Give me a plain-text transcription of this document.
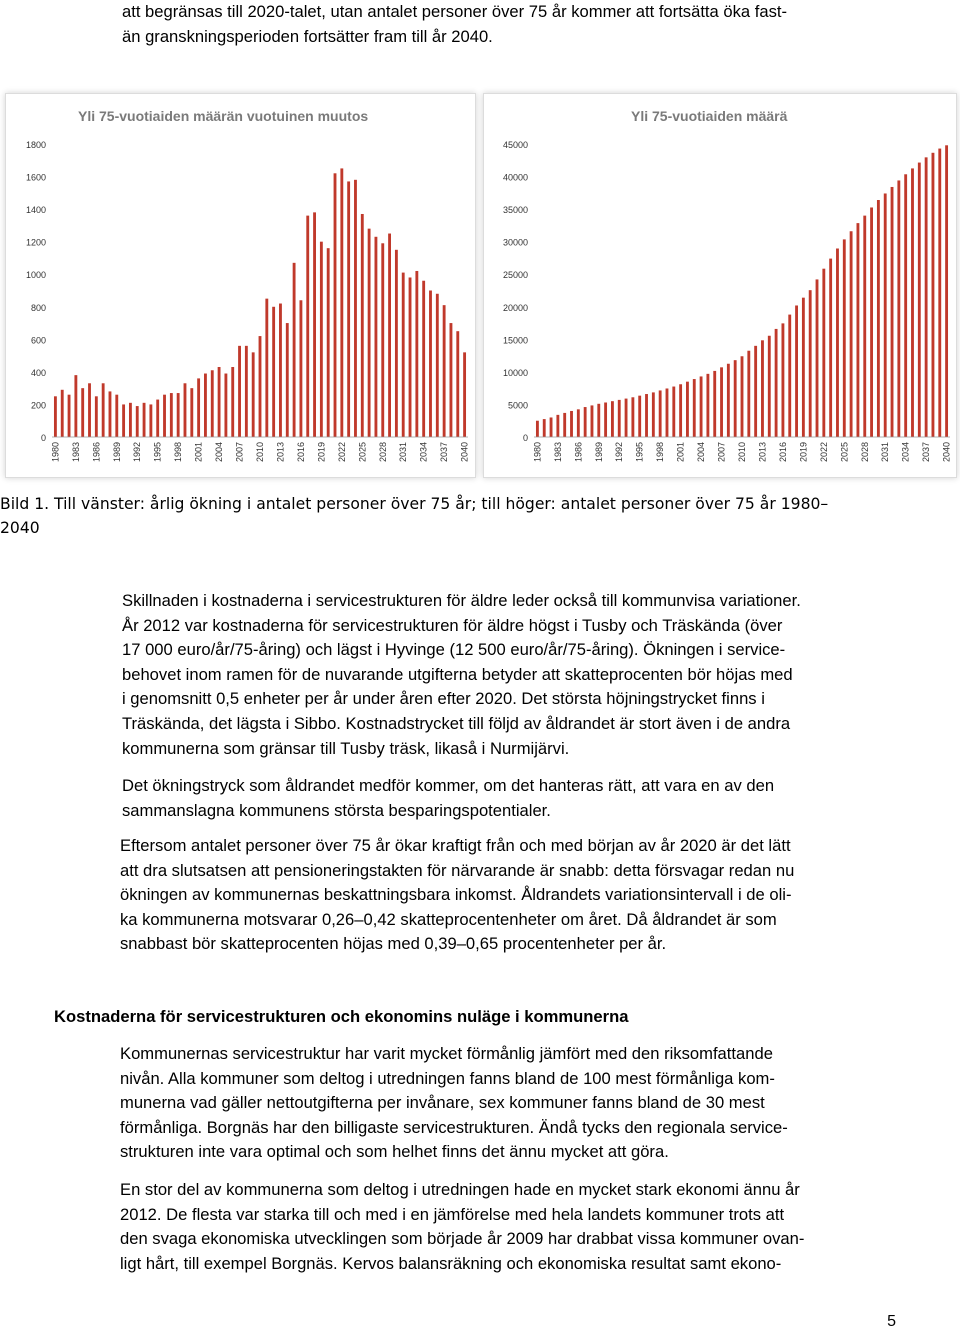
att begränsas till 2020-talet, utan antalet personer över 75 år kommer att fortsätta öka fast-

än granskningsperioden fortsätter fram till år 2040.

Yli 75-vuotiaiden määrän vuotuinen muutos
0
200
400
600
800
1000
1200
1400
1600
1800
1980 1983 1986 1989 1992 1995 1998 2001 2004 2007 2010 2013 2016 2019 2022 2025 2028 2031 2034 2037 2040
Yli 75-vuotiaiden määrä
0
5000
10000
15000
20000
25000
30000
35000
40000
45000
1980 1983 1986 1989 1992 1995 1998 2001 2004 2007 2010 2013 2016 2019 2022 2025 2028 2031 2034 2037 2040

Bild 1. Till vänster: årlig ökning i antalet personer över 75 år; till höger: antalet personer över 75 år 1980–

2040

Skillnaden i kostnaderna i servicestrukturen för äldre leder också till kommunvisa variationer.

År 2012 var kostnaderna för servicestrukturen för äldre högst i Tusby och Träskända (över

17 000 euro/år/75-åring) och lägst i Hyvinge (12 500 euro/år/75-åring). Ökningen i service-

behovet inom ramen för de nuvarande utgifterna betyder att skatteprocenten bör höjas med

i genomsnitt 0,5 enheter per år under åren efter 2020. Det största höjningstrycket finns i

Träskända, det lägsta i Sibbo. Kostnadstrycket till följd av åldrandet är stort även i de andra

kommunerna som gränsar till Tusby träsk, likaså i Nurmijärvi.

Det ökningstryck som åldrandet medför kommer, om det hanteras rätt, att vara en av den

sammanslagna kommunens största besparingspotentialer.

Eftersom antalet personer över 75 år ökar kraftigt från och med början av år 2020 är det lätt

att dra slutsatsen att pensioneringstakten för närvarande är snabb: detta försvagar redan nu

ökningen av kommunernas beskattningsbara inkomst. Åldrandets variationsintervall i de oli-

ka kommunerna motsvarar 0,26–0,42 skatteprocentenheter om året. Då åldrandet är som

snabbast bör skatteprocenten höjas med 0,39–0,65 procentenheter per år.

Kostnaderna för servicestrukturen och ekonomins nuläge i kommunerna

Kommunernas servicestruktur har varit mycket förmånlig jämfört med den riksomfattande

nivån. Alla kommuner som deltog i utredningen fanns bland de 100 mest förmånliga kom-

munerna vad gäller nettoutgifterna per invånare, sex kommuner fanns bland de 30 mest

förmånliga. Borgnäs har den billigaste servicestrukturen. Ändå tycks den regionala service-

strukturen inte vara optimal och som helhet finns det ännu mycket att göra.

En stor del av kommunerna som deltog i utredningen hade en mycket stark ekonomi ännu år

2012. De flesta var starka till och med i en jämförelse med hela landets kommuner trots att

den svaga ekonomiska utvecklingen som började år 2009 har drabbat vissa kommuner ovan-

ligt hårt, till exempel Borgnäs. Kervos balansräkning och ekonomiska resultat samt ekono-

5
